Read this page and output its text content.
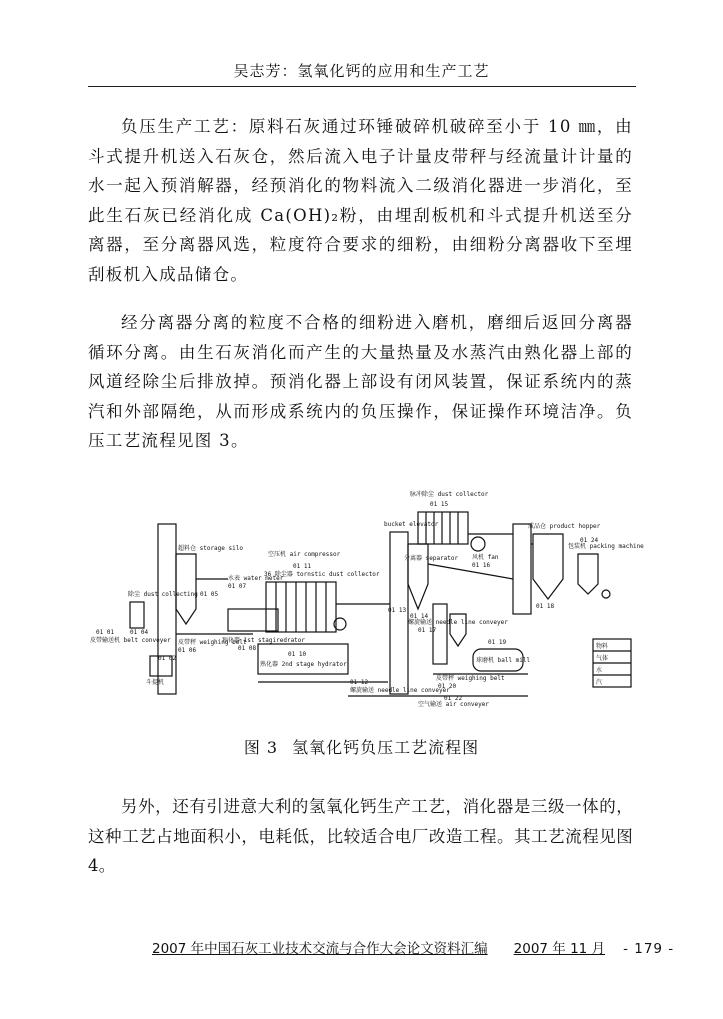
吴志芳：氢氧化钙的应用和生产工艺

负压生产工艺：原料石灰通过环锤破碎机破碎至小于 10 ㎜，由斗式提升机送入石灰仓，然后流入电子计量皮带秤与经流量计计量的水一起入预消解器，经预消化的物料流入二级消化器进一步消化，至此生石灰已经消化成 Ca(OH)₂粉，由埋刮板机和斗式提升机送至分离器，至分离器风选，粒度符合要求的细粉，由细粉分离器收下至埋刮板机入成品储仓。

经分离器分离的粒度不合格的细粉进入磨机，磨细后返回分离器循环分离。由生石灰消化而产生的大量热量及水蒸汽由熟化器上部的风道经除尘后排放掉。预消化器上部设有闭风装置，保证系统内的蒸汽和外部隔绝，从而形成系统内的负压操作，保证操作环境洁净。负压工艺流程见图 3。

01 01
皮带输送机 belt conveyer
01 02
斗提机
除尘 dust collecting
01 04
超料仓 storage silo
01 05
皮带秤 weighing belt
01 06
水表 water meter
01 07
预化器 1st stagiredrator
01 08
空压机 air compressor
36 除尘器 tornstic dust collector
01 11
熟化器 2nd stage hydrator
01 10
螺旋输送 needle line conveyer
01 12
bucket elevator
01 13
分离器 separator
01 14
脉冲除尘 dust collector
01 15
风机 fan
01 16
螺旋输送 needle line conveyer
01 17
成品仓 product hopper
01 18
球磨机 ball mill
01 19
皮带秤 weighing belt
01 20
空气输送 air conveyer
01 22
包装机 packing machine
01 24
物料
气体
水
汽
图 3 氢氧化钙负压工艺流程图

另外，还有引进意大利的氢氧化钙生产工艺，消化器是三级一体的，这种工艺占地面积小，电耗低，比较适合电厂改造工程。其工艺流程见图 4。

2007 年中国石灰工业技术交流与合作大会论文资料汇编 2007 年 11 月 - 179 -
